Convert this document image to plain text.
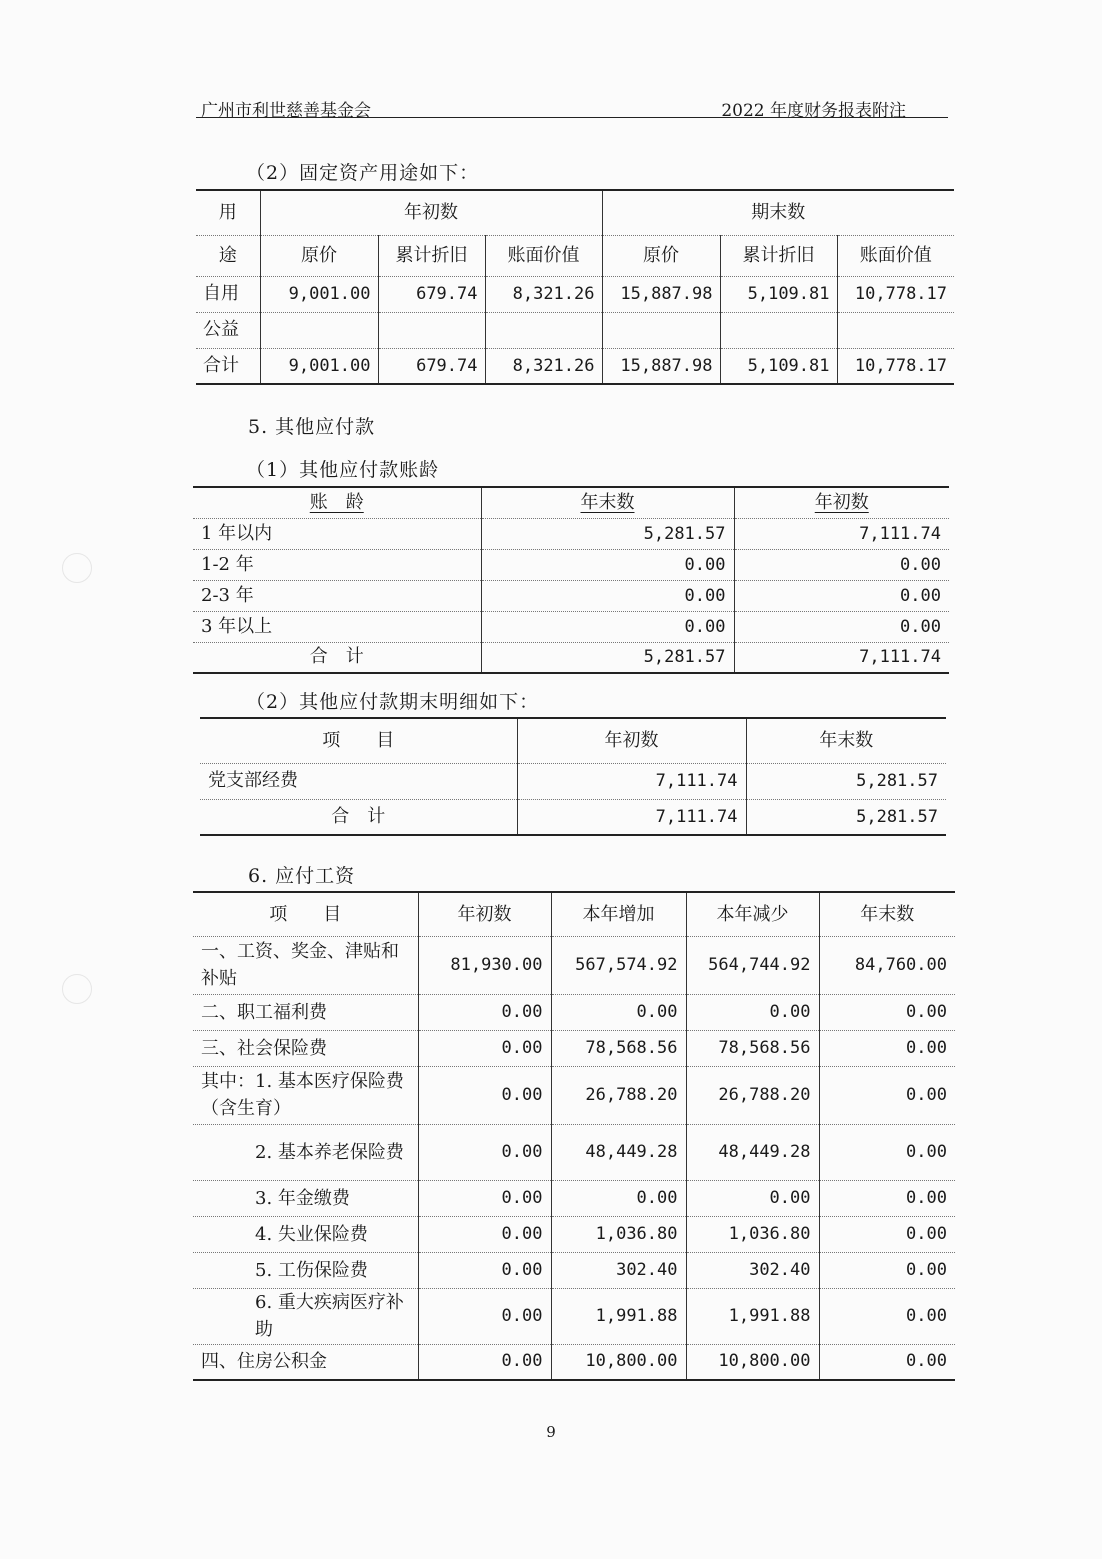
广州市利世慈善基金会	2022 年度财务报表附注
（2）固定资产用途如下：
用	年初数			期末数		
途	原价	累计折旧	账面价值	原价	累计折旧	账面价值
自用	9,001.00	679.74	8,321.26	15,887.98	5,109.81	10,778.17
公益						
合计	9,001.00	679.74	8,321.26	15,887.98	5,109.81	10,778.17
5. 其他应付款
（1）其他应付款账龄
账　龄	年末数	年初数
1 年以内	5,281.57	7,111.74
1-2 年	0.00	0.00
2-3 年	0.00	0.00
3 年以上	0.00	0.00
合　计	5,281.57	7,111.74
（2）其他应付款期末明细如下：
项　　目	年初数	年末数
党支部经费	7,111.74	5,281.57
合　计	7,111.74	5,281.57
6. 应付工资
项　　目	年初数	本年增加	本年减少	年末数
一、工资、奖金、津贴和补贴	81,930.00	567,574.92	564,744.92	84,760.00
二、职工福利费	0.00	0.00	0.00	0.00
三、社会保险费	0.00	78,568.56	78,568.56	0.00
其中：1. 基本医疗保险费（含生育）	0.00	26,788.20	26,788.20	0.00
2. 基本养老保险费	0.00	48,449.28	48,449.28	0.00
3. 年金缴费	0.00	0.00	0.00	0.00
4. 失业保险费	0.00	1,036.80	1,036.80	0.00
5. 工伤保险费	0.00	302.40	302.40	0.00
6. 重大疾病医疗补助	0.00	1,991.88	1,991.88	0.00
四、住房公积金	0.00	10,800.00	10,800.00	0.00
9
